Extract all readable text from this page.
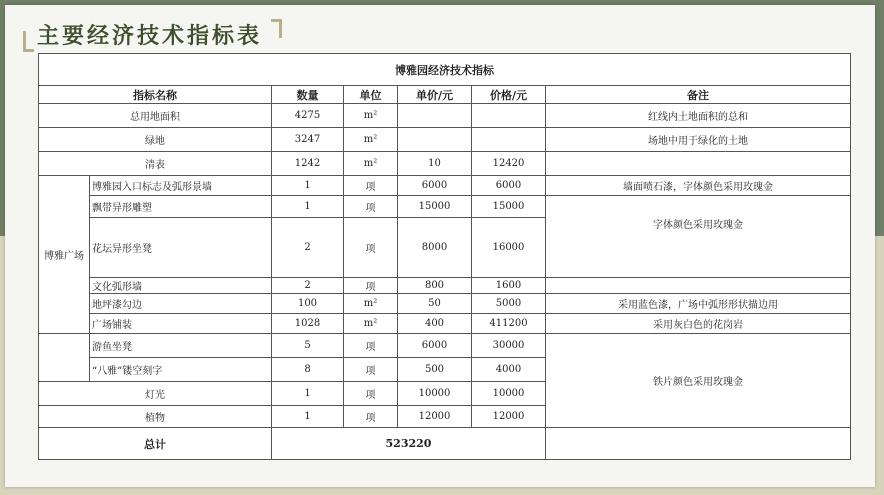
主要经济技术指标表
博雅园经济技术指标						
指标名称		数量	单位	单价/元	价格/元	备注
总用地面积		4275	m²			红线内土地面积的总和
绿地		3247	m²			场地中用于绿化的土地
清表		1242	m²	10	12420	
博雅广场	博雅园入口标志及弧形景墙	1	项	6000	6000	墙面喷石漆，字体颜色采用玫瑰金
	飘带异形雕塑	1	项	15000	15000	字体颜色采用玫瑰金
	花坛异形坐凳	2	项	8000	16000	
	文化弧形墙	2	项	800	1600	
	地坪漆勾边	100	m²	50	5000	采用蓝色漆，广场中弧形形状描边用
	广场铺装	1028	m²	400	411200	采用灰白色的花岗岩
	游鱼坐凳	5	项	6000	30000	铁片颜色采用玫瑰金
	“八雅”镂空刻字	8	项	500	4000	
灯光		1	项	10000	10000	
植物		1	项	12000	12000	
总计		523220				
